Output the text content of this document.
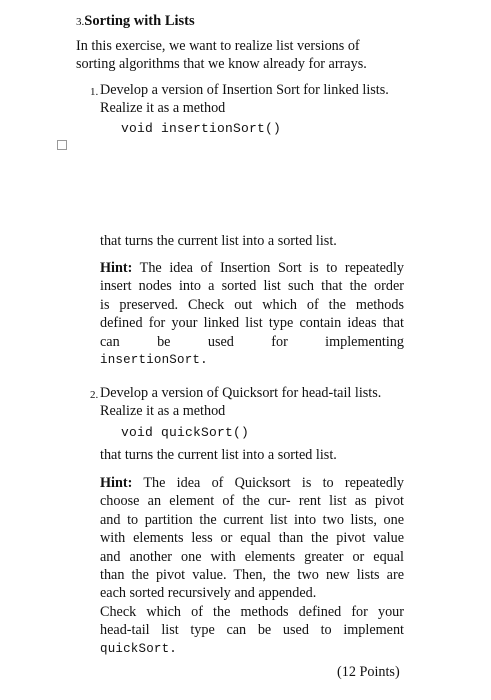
3.Sorting with Lists
In this exercise, we want to realize list versions of
sorting algorithms that we know already for arrays.
1. Develop a version of Insertion Sort for linked lists.
Realize it as a method
void insertionSort()
that turns the current list into a sorted list.
Hint: The idea of Insertion Sort is to repeatedly
insert nodes into a sorted list such that the order
is preserved. Check out which of the methods
defined for your linked list type contain ideas that
can	be	used	for	implementing
insertionSort.
2. Develop a version of Quicksort for head-tail lists.
Realize it as a method
void quickSort()
that turns the current list into a sorted list.
Hint: The idea of Quicksort is to repeatedly
choose an element of the cur- rent list as pivot
and to partition the current list into two lists, one
with elements less or equal than the pivot value
and another one with elements greater or equal
than the pivot value. Then, the two new lists are
each sorted recursively and appended.
Check which of the methods defined for your
head-tail list type can be used to implement
quickSort.
(12 Points)
